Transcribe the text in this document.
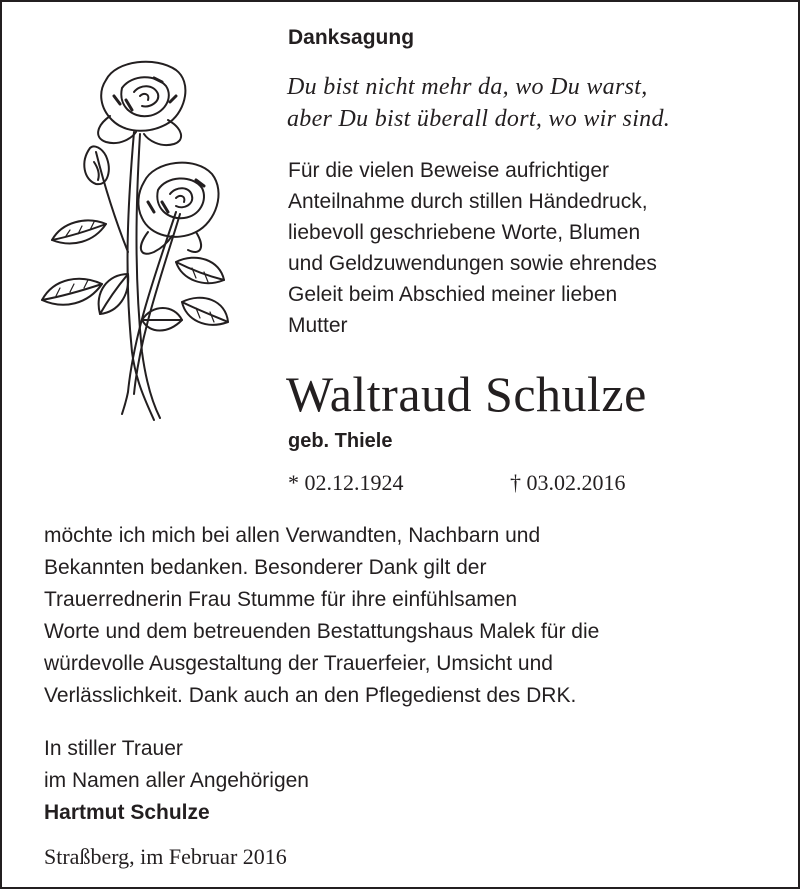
Danksagung
Du bist nicht mehr da, wo Du warst,
aber Du bist überall dort, wo wir sind.
Für die vielen Beweise aufrichtiger
Anteilnahme durch stillen Händedruck,
liebevoll geschriebene Worte, Blumen
und Geldzuwendungen sowie ehrendes
Geleit beim Abschied meiner lieben
Mutter
Waltraud Schulze
geb. Thiele
* 02.12.1924	† 03.02.2016
möchte ich mich bei allen Verwandten, Nachbarn und
Bekannten bedanken. Besonderer Dank gilt der
Trauerrednerin Frau Stumme für ihre einfühlsamen
Worte und dem betreuenden Bestattungshaus Malek für die
würdevolle Ausgestaltung der Trauerfeier, Umsicht und
Verlässlichkeit. Dank auch an den Pflegedienst des DRK.
In stiller Trauer
im Namen aller Angehörigen
Hartmut Schulze
Straßberg, im Februar 2016
